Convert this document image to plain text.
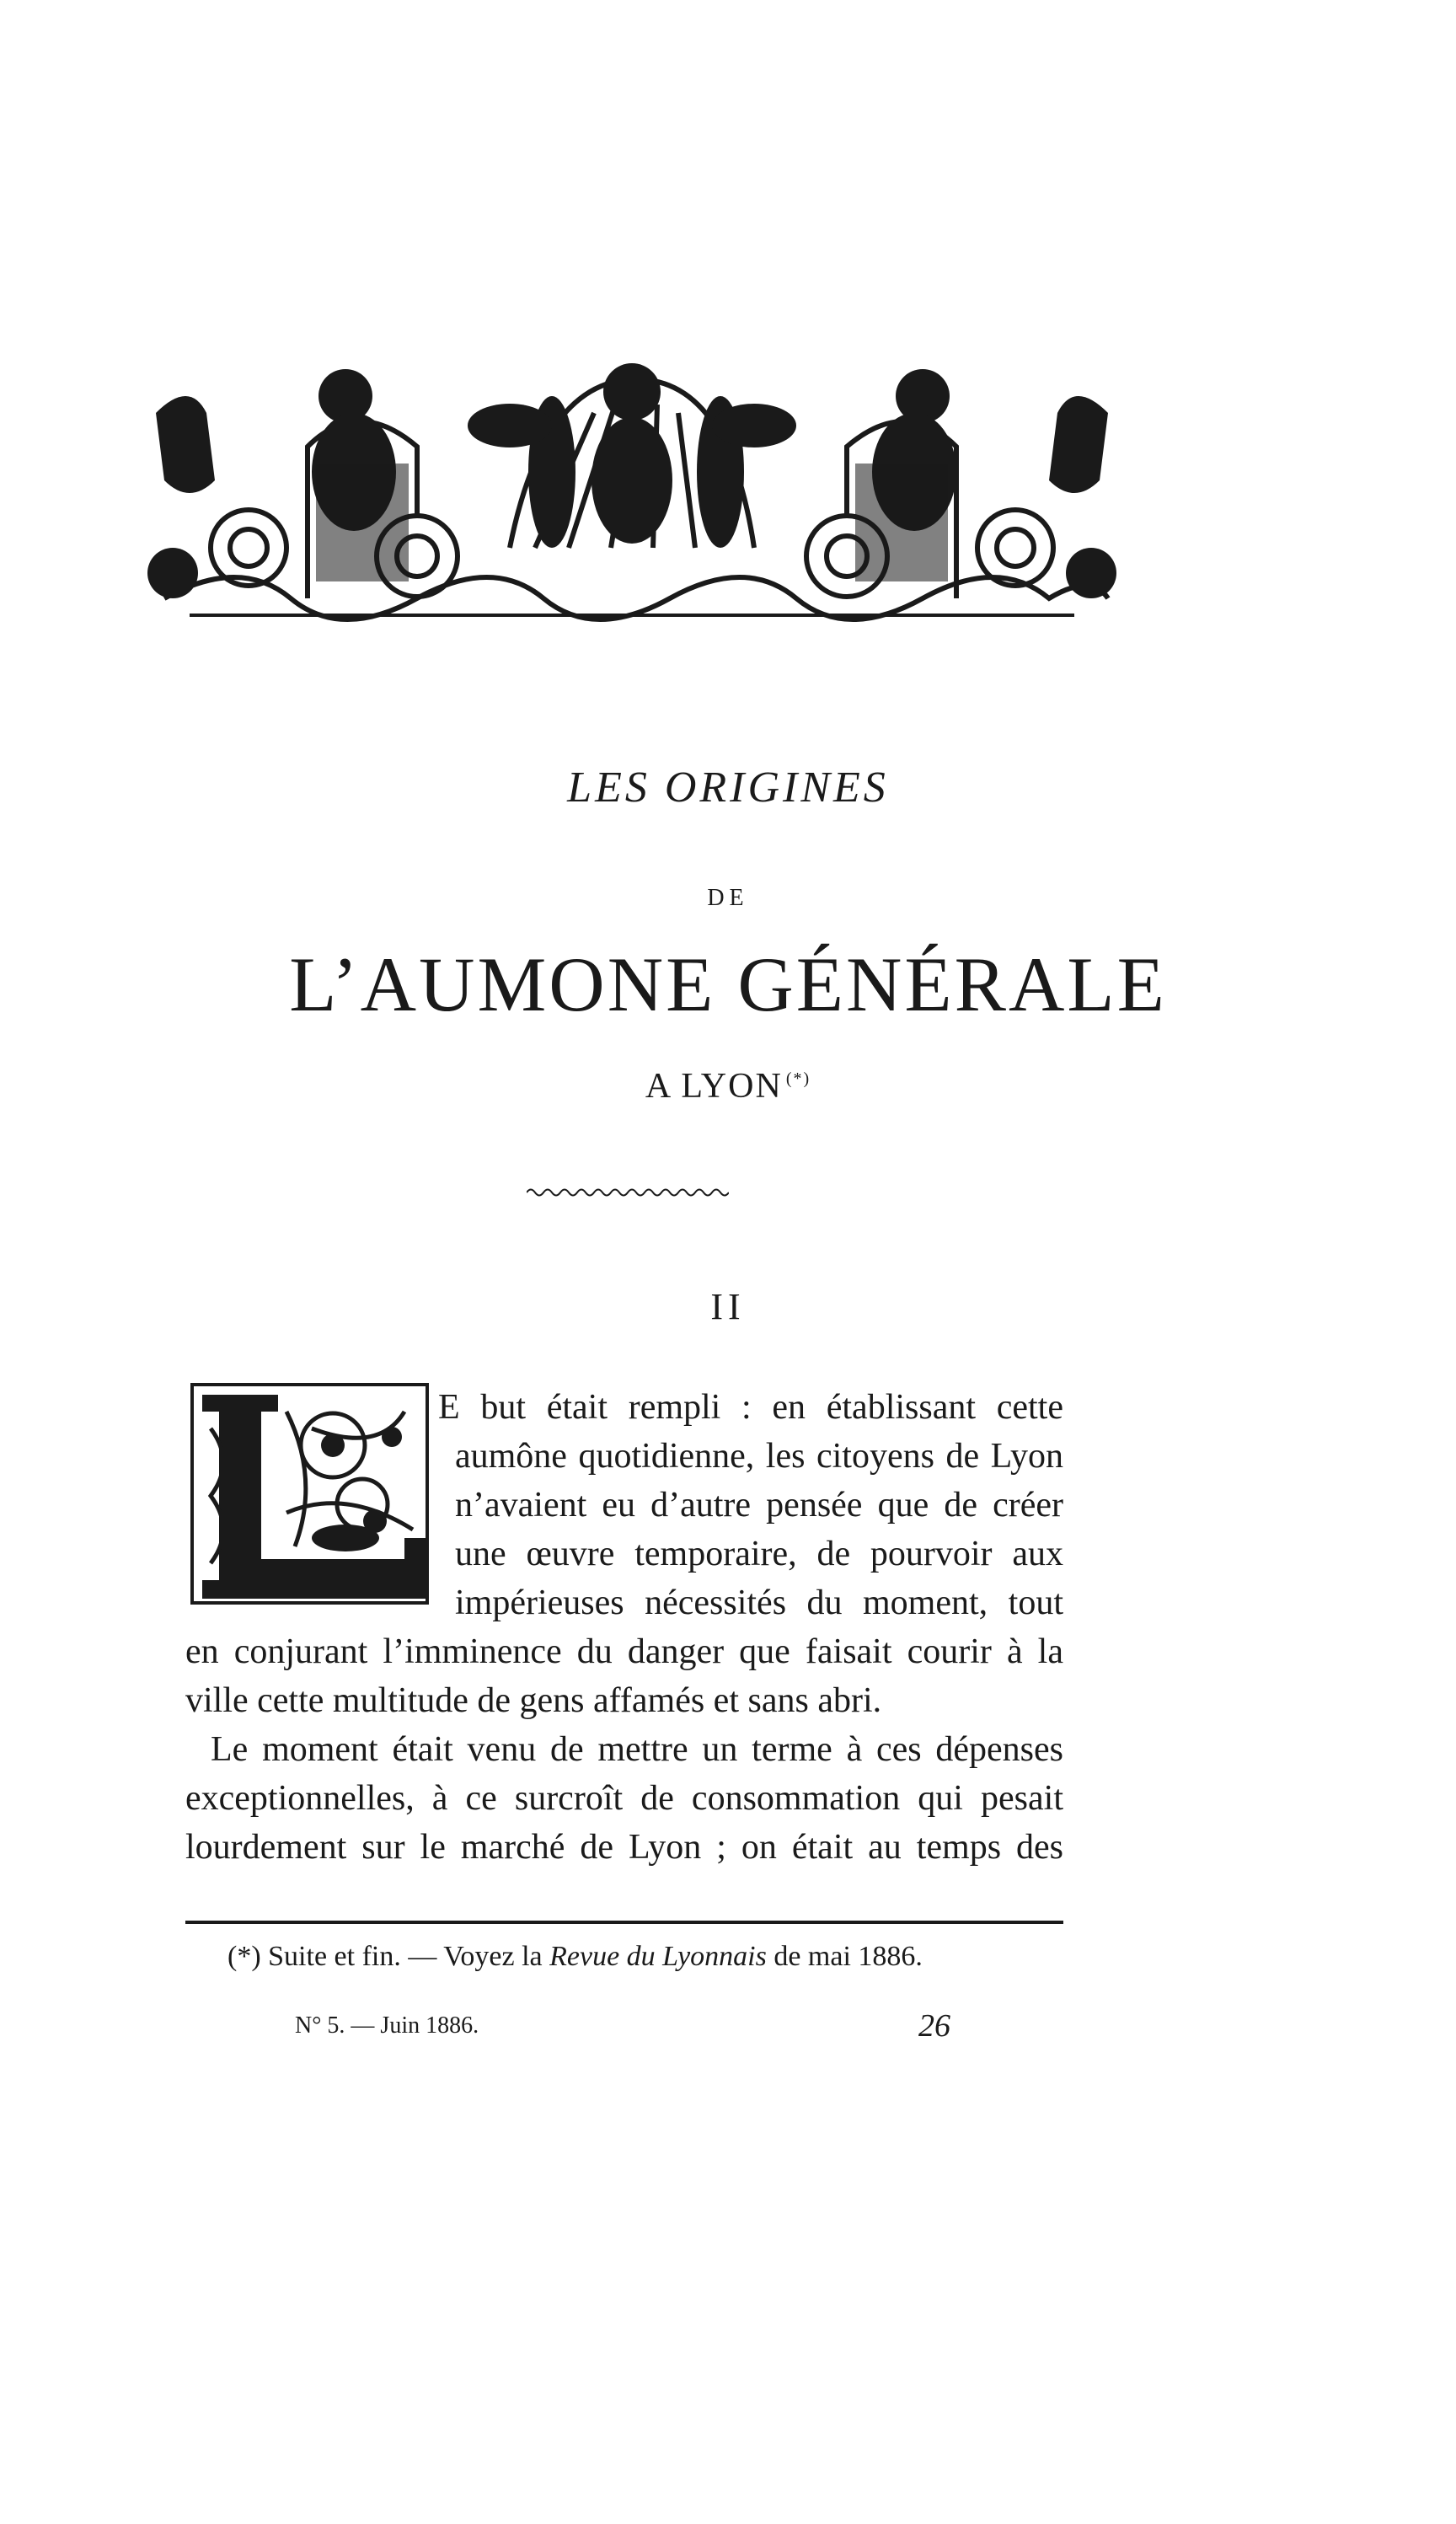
LES ORIGINES
DE
L’AUMONE GÉNÉRALE
A LYON (*)
II
E but était rempli : en établissant cette
aumône quotidienne, les citoyens de Lyon
n’avaient eu d’autre pensée que de créer
une œuvre temporaire, de pourvoir aux
impérieuses nécessités du moment, tout
en conjurant l’imminence du danger que faisait courir à la
ville cette multitude de gens affamés et sans abri.
Le moment était venu de mettre un terme à ces dépenses
exceptionnelles, à ce surcroît de consommation qui pesait
lourdement sur le marché de Lyon ; on était au temps des
(*) Suite et fin. — Voyez la Revue du Lyonnais de mai 1886.
N° 5. — Juin 1886.	26
